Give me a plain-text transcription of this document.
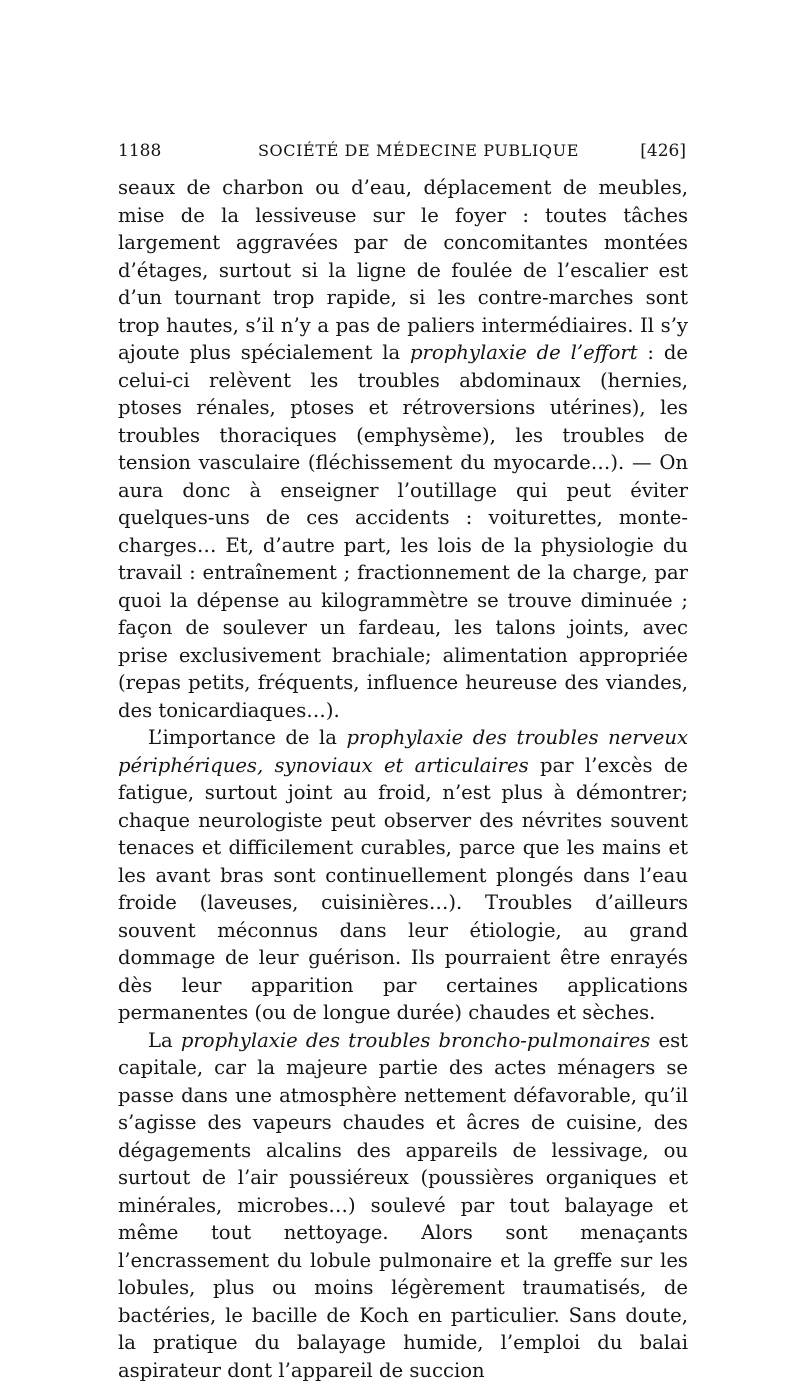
1188	SOCIÉTÉ DE MÉDECINE PUBLIQUE	[426]

seaux de charbon ou d’eau, déplacement de meubles, mise de la lessiveuse sur le foyer : toutes tâches largement aggravées par de concomitantes montées d’étages, surtout si la ligne de foulée de l’escalier est d’un tournant trop rapide, si les contre-marches sont trop hautes, s’il n’y a pas de paliers intermédiaires. Il s’y ajoute plus spécialement la prophylaxie de l’effort : de celui-ci relèvent les troubles abdominaux (hernies, ptoses rénales, ptoses et rétroversions utérines), les troubles thoraciques (emphysème), les troubles de tension vasculaire (fléchissement du myocarde…). — On aura donc à enseigner l’outillage qui peut éviter quelques-uns de ces accidents : voiturettes, monte-charges… Et, d’autre part, les lois de la physiologie du travail : entraînement ; fractionnement de la charge, par quoi la dépense au kilogrammètre se trouve diminuée ; façon de soulever un fardeau, les talons joints, avec prise exclusivement brachiale; alimentation appropriée (repas petits, fréquents, influence heureuse des viandes, des tonicardiaques…).

L’importance de la prophylaxie des troubles nerveux périphériques, synoviaux et articulaires par l’excès de fatigue, surtout joint au froid, n’est plus à démontrer; chaque neurologiste peut observer des névrites souvent tenaces et difficilement curables, parce que les mains et les avant bras sont continuellement plongés dans l’eau froide (laveuses, cuisinières…). Troubles d’ailleurs souvent méconnus dans leur étiologie, au grand dommage de leur guérison. Ils pourraient être enrayés dès leur apparition par certaines applications permanentes (ou de longue durée) chaudes et sèches.

La prophylaxie des troubles broncho-pulmonaires est capitale, car la majeure partie des actes ménagers se passe dans une atmosphère nettement défavorable, qu’il s’agisse des vapeurs chaudes et âcres de cuisine, des dégagements alcalins des appareils de lessivage, ou surtout de l’air poussiéreux (poussières organiques et minérales, microbes…) soulevé par tout balayage et même tout nettoyage. Alors sont menaçants l’encrassement du lobule pulmonaire et la greffe sur les lobules, plus ou moins légèrement traumatisés, de bactéries, le bacille de Koch en particulier. Sans doute, la pratique du balayage humide, l’emploi du balai aspirateur dont l’appareil de succion
